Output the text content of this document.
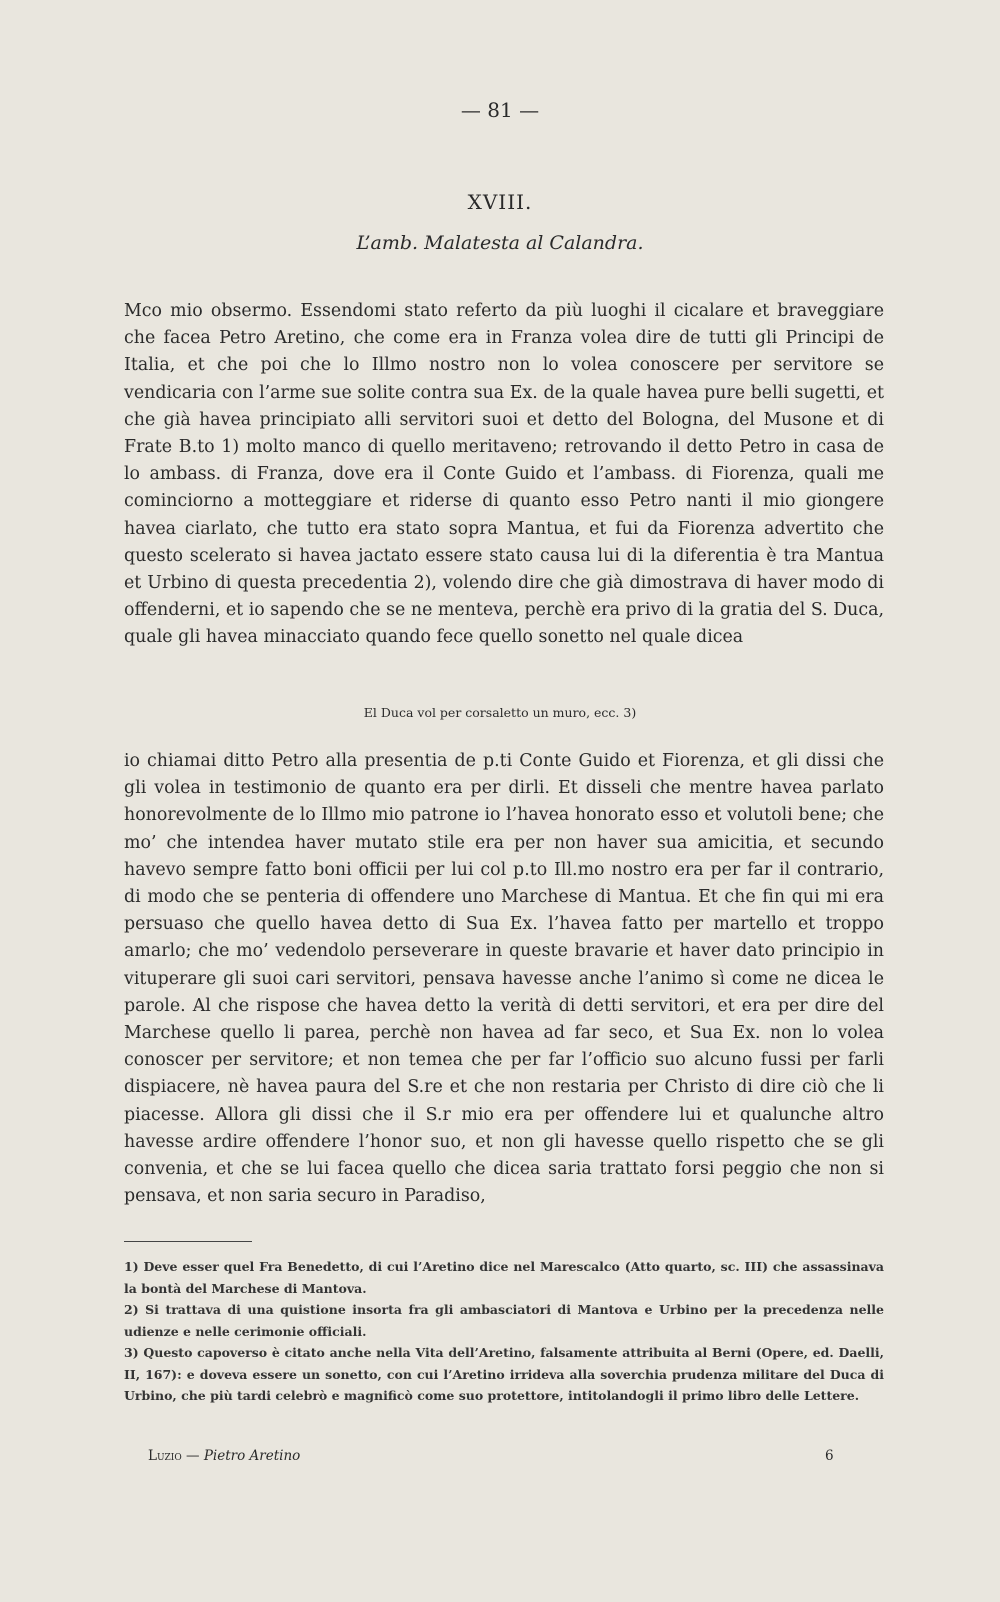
— 81 —
XVIII.
L’amb. Malatesta al Calandra.
Mco mio obsermo. Essendomi stato referto da più luoghi il cicalare et braveggiare che facea Petro Aretino, che come era in Franza volea dire de tutti gli Principi de Italia, et che poi che lo Illmo nostro non lo volea conoscere per servitore se vendicaria con l’arme sue solite contra sua Ex. de la quale havea pure belli sugetti, et che già havea principiato alli servitori suoi et detto del Bologna, del Musone et di Frate B.to 1) molto manco di quello meritaveno; retrovando il detto Petro in casa de lo ambass. di Franza, dove era il Conte Guido et l’ambass. di Fiorenza, quali me cominciorno a motteggiare et riderse di quanto esso Petro nanti il mio giongere havea ciarlato, che tutto era stato sopra Mantua, et fui da Fiorenza advertito che questo scelerato si havea jactato essere stato causa lui di la diferentia è tra Mantua et Urbino di questa precedentia 2), volendo dire che già dimostrava di haver modo di offenderni, et io sapendo che se ne menteva, perchè era privo di la gratia del S. Duca, quale gli havea minacciato quando fece quello sonetto nel quale dicea
El Duca vol per corsaletto un muro, ecc. 3)
io chiamai ditto Petro alla presentia de p.ti Conte Guido et Fiorenza, et gli dissi che gli volea in testimonio de quanto era per dirli. Et disseli che mentre havea parlato honorevolmente de lo Illmo mio patrone io l’havea honorato esso et volutoli bene; che mo’ che intendea haver mutato stile era per non haver sua amicitia, et secundo havevo sempre fatto boni officii per lui col p.to Ill.mo nostro era per far il contrario, di modo che se penteria di offendere uno Marchese di Mantua. Et che fin qui mi era persuaso che quello havea detto di Sua Ex. l’havea fatto per martello et troppo amarlo; che mo’ vedendolo perseverare in queste bravarie et haver dato principio in vituperare gli suoi cari servitori, pensava havesse anche l’animo sì come ne dicea le parole. Al che rispose che havea detto la verità di detti servitori, et era per dire del Marchese quello li parea, perchè non havea ad far seco, et Sua Ex. non lo volea conoscer per servitore; et non temea che per far l’officio suo alcuno fussi per farli dispiacere, nè havea paura del S.re et che non restaria per Christo di dire ciò che li piacesse. Allora gli dissi che il S.r mio era per offendere lui et qualunche altro havesse ardire offendere l’honor suo, et non gli havesse quello rispetto che se gli convenia, et che se lui facea quello che dicea saria trattato forsi peggio che non si pensava, et non saria securo in Paradiso,

1) Deve esser quel Fra Benedetto, di cui l’Aretino dice nel Marescalco (Atto quarto, sc. III) che assassinava la bontà del Marchese di Mantova.

2) Si trattava di una quistione insorta fra gli ambasciatori di Mantova e Urbino per la precedenza nelle udienze e nelle cerimonie officiali.

3) Questo capoverso è citato anche nella Vita dell’Aretino, falsamente attribuita al Berni (Opere, ed. Daelli, II, 167): e doveva essere un sonetto, con cui l’Aretino irrideva alla soverchia prudenza militare del Duca di Urbino, che più tardi celebrò e magnificò come suo protettore, intitolandogli il primo libro delle Lettere.

Luzio — Pietro Aretino	6
